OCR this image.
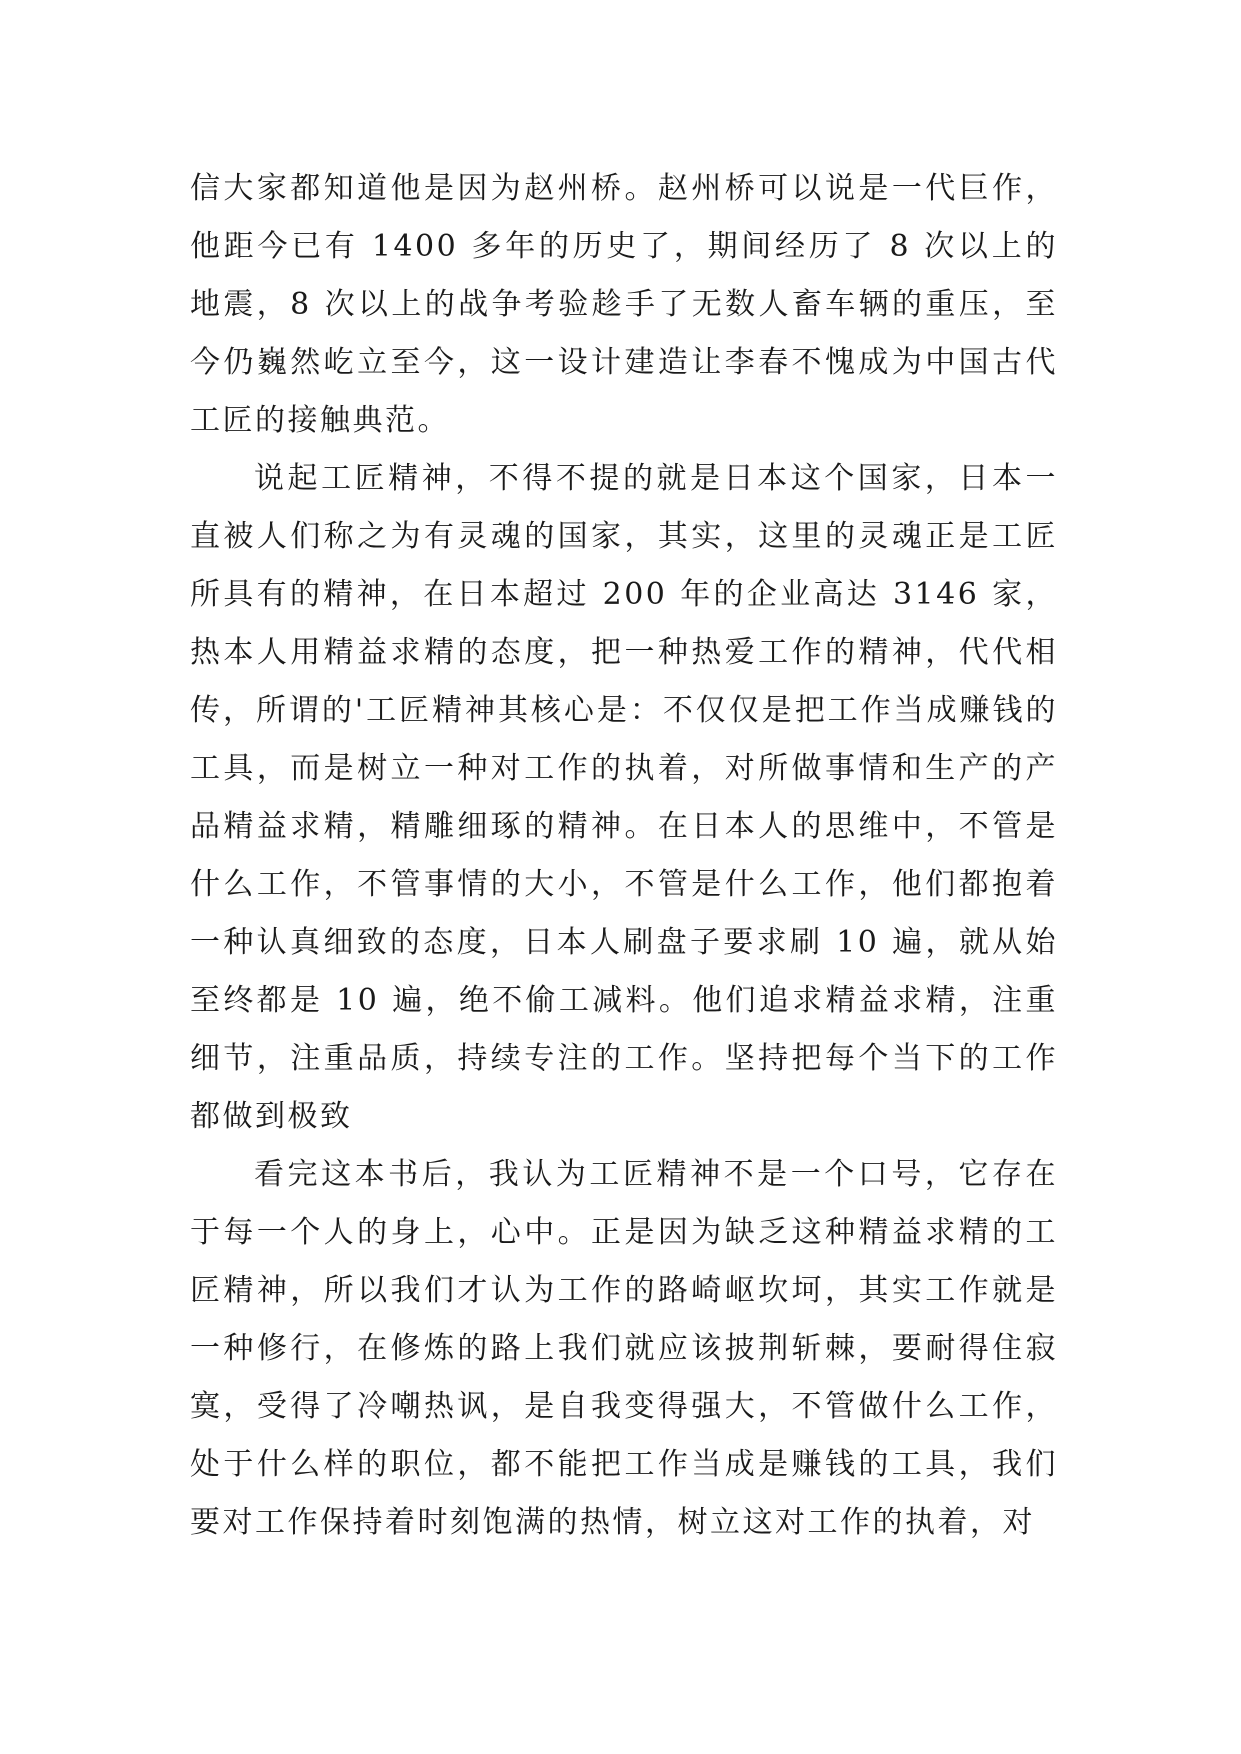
信大家都知道他是因为赵州桥。赵州桥可以说是一代巨作，他距今已有 1400 多年的历史了，期间经历了 8 次以上的地震，8 次以上的战争考验趁手了无数人畜车辆的重压，至今仍巍然屹立至今，这一设计建造让李春不愧成为中国古代工匠的接触典范。

说起工匠精神，不得不提的就是日本这个国家，日本一直被人们称之为有灵魂的国家，其实，这里的灵魂正是工匠所具有的精神，在日本超过 200 年的企业高达 3146 家，热本人用精益求精的态度，把一种热爱工作的精神，代代相传，所谓的'工匠精神其核心是：不仅仅是把工作当成赚钱的工具，而是树立一种对工作的执着，对所做事情和生产的产品精益求精，精雕细琢的精神。在日本人的思维中，不管是什么工作，不管事情的大小，不管是什么工作，他们都抱着一种认真细致的态度，日本人刷盘子要求刷 10 遍，就从始至终都是 10 遍，绝不偷工减料。他们追求精益求精，注重细节，注重品质，持续专注的工作。坚持把每个当下的工作都做到极致

看完这本书后，我认为工匠精神不是一个口号，它存在于每一个人的身上，心中。正是因为缺乏这种精益求精的工匠精神，所以我们才认为工作的路崎岖坎坷，其实工作就是一种修行，在修炼的路上我们就应该披荆斩棘，要耐得住寂寞，受得了冷嘲热讽，是自我变得强大，不管做什么工作，处于什么样的职位，都不能把工作当成是赚钱的工具，我们要对工作保持着时刻饱满的热情，树立这对工作的执着，对
